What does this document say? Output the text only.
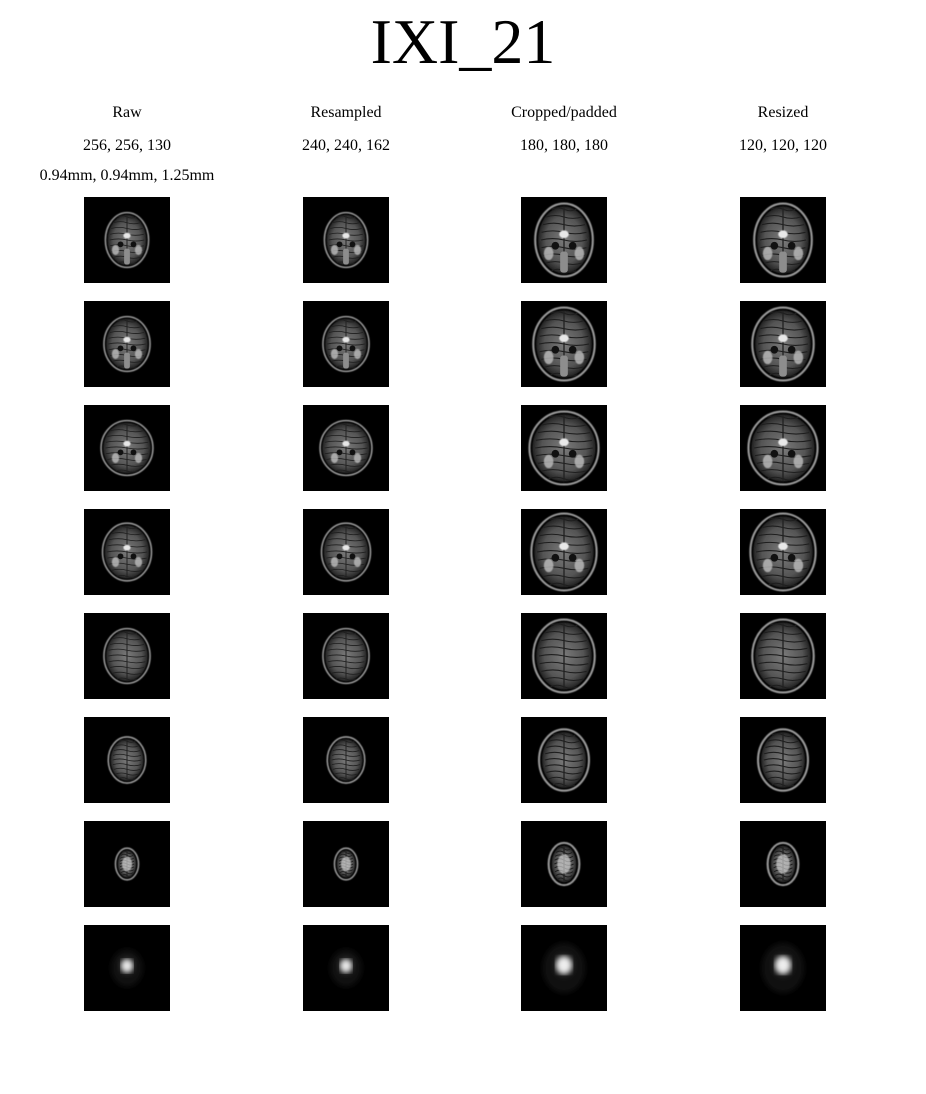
IXI_21
Raw
256, 256, 130
0.94mm, 0.94mm, 1.25mm
Resampled
240, 240, 162
Cropped/padded
180, 180, 180
Resized
120, 120, 120
